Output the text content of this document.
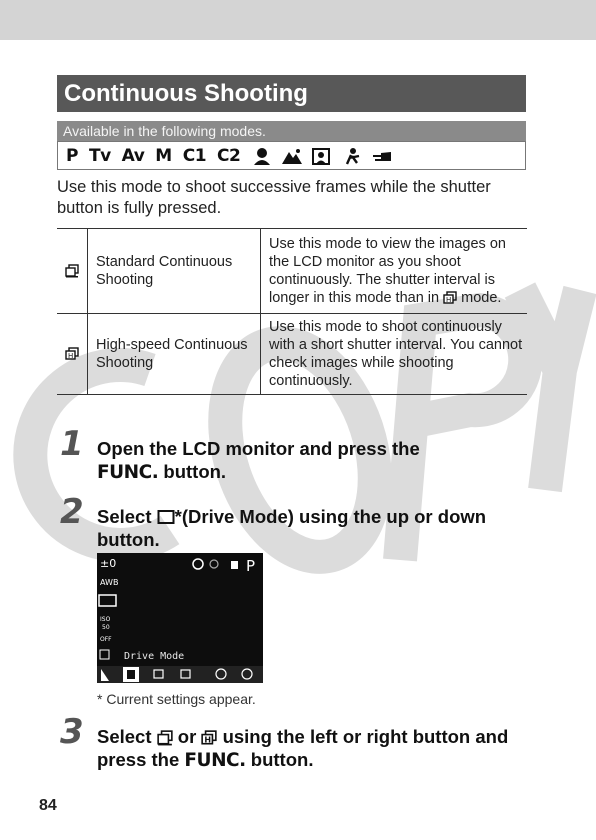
Continuous Shooting
Available in the following modes.
P Tv Av M C1 C2
Use this mode to shoot successive frames while the shutter button is fully pressed.
	Standard Continuous Shooting	Use this mode to view the images on the LCD monitor as you shoot continuously. The shutter interval is longer in this mode than in H mode.

H	High-speed Continuous Shooting	Use this mode to shoot continuously with a short shutter interval. You cannot check images while shooting continuously.
1 Open the LCD monitor and press the
FUNC. button.
2 Select *(Drive Mode) using the up or down button.
±0
AWB
ISO
50
OFF
P
Drive Mode
* Current settings appear.
3 Select or H using the left or right button and press the FUNC. button.
84
